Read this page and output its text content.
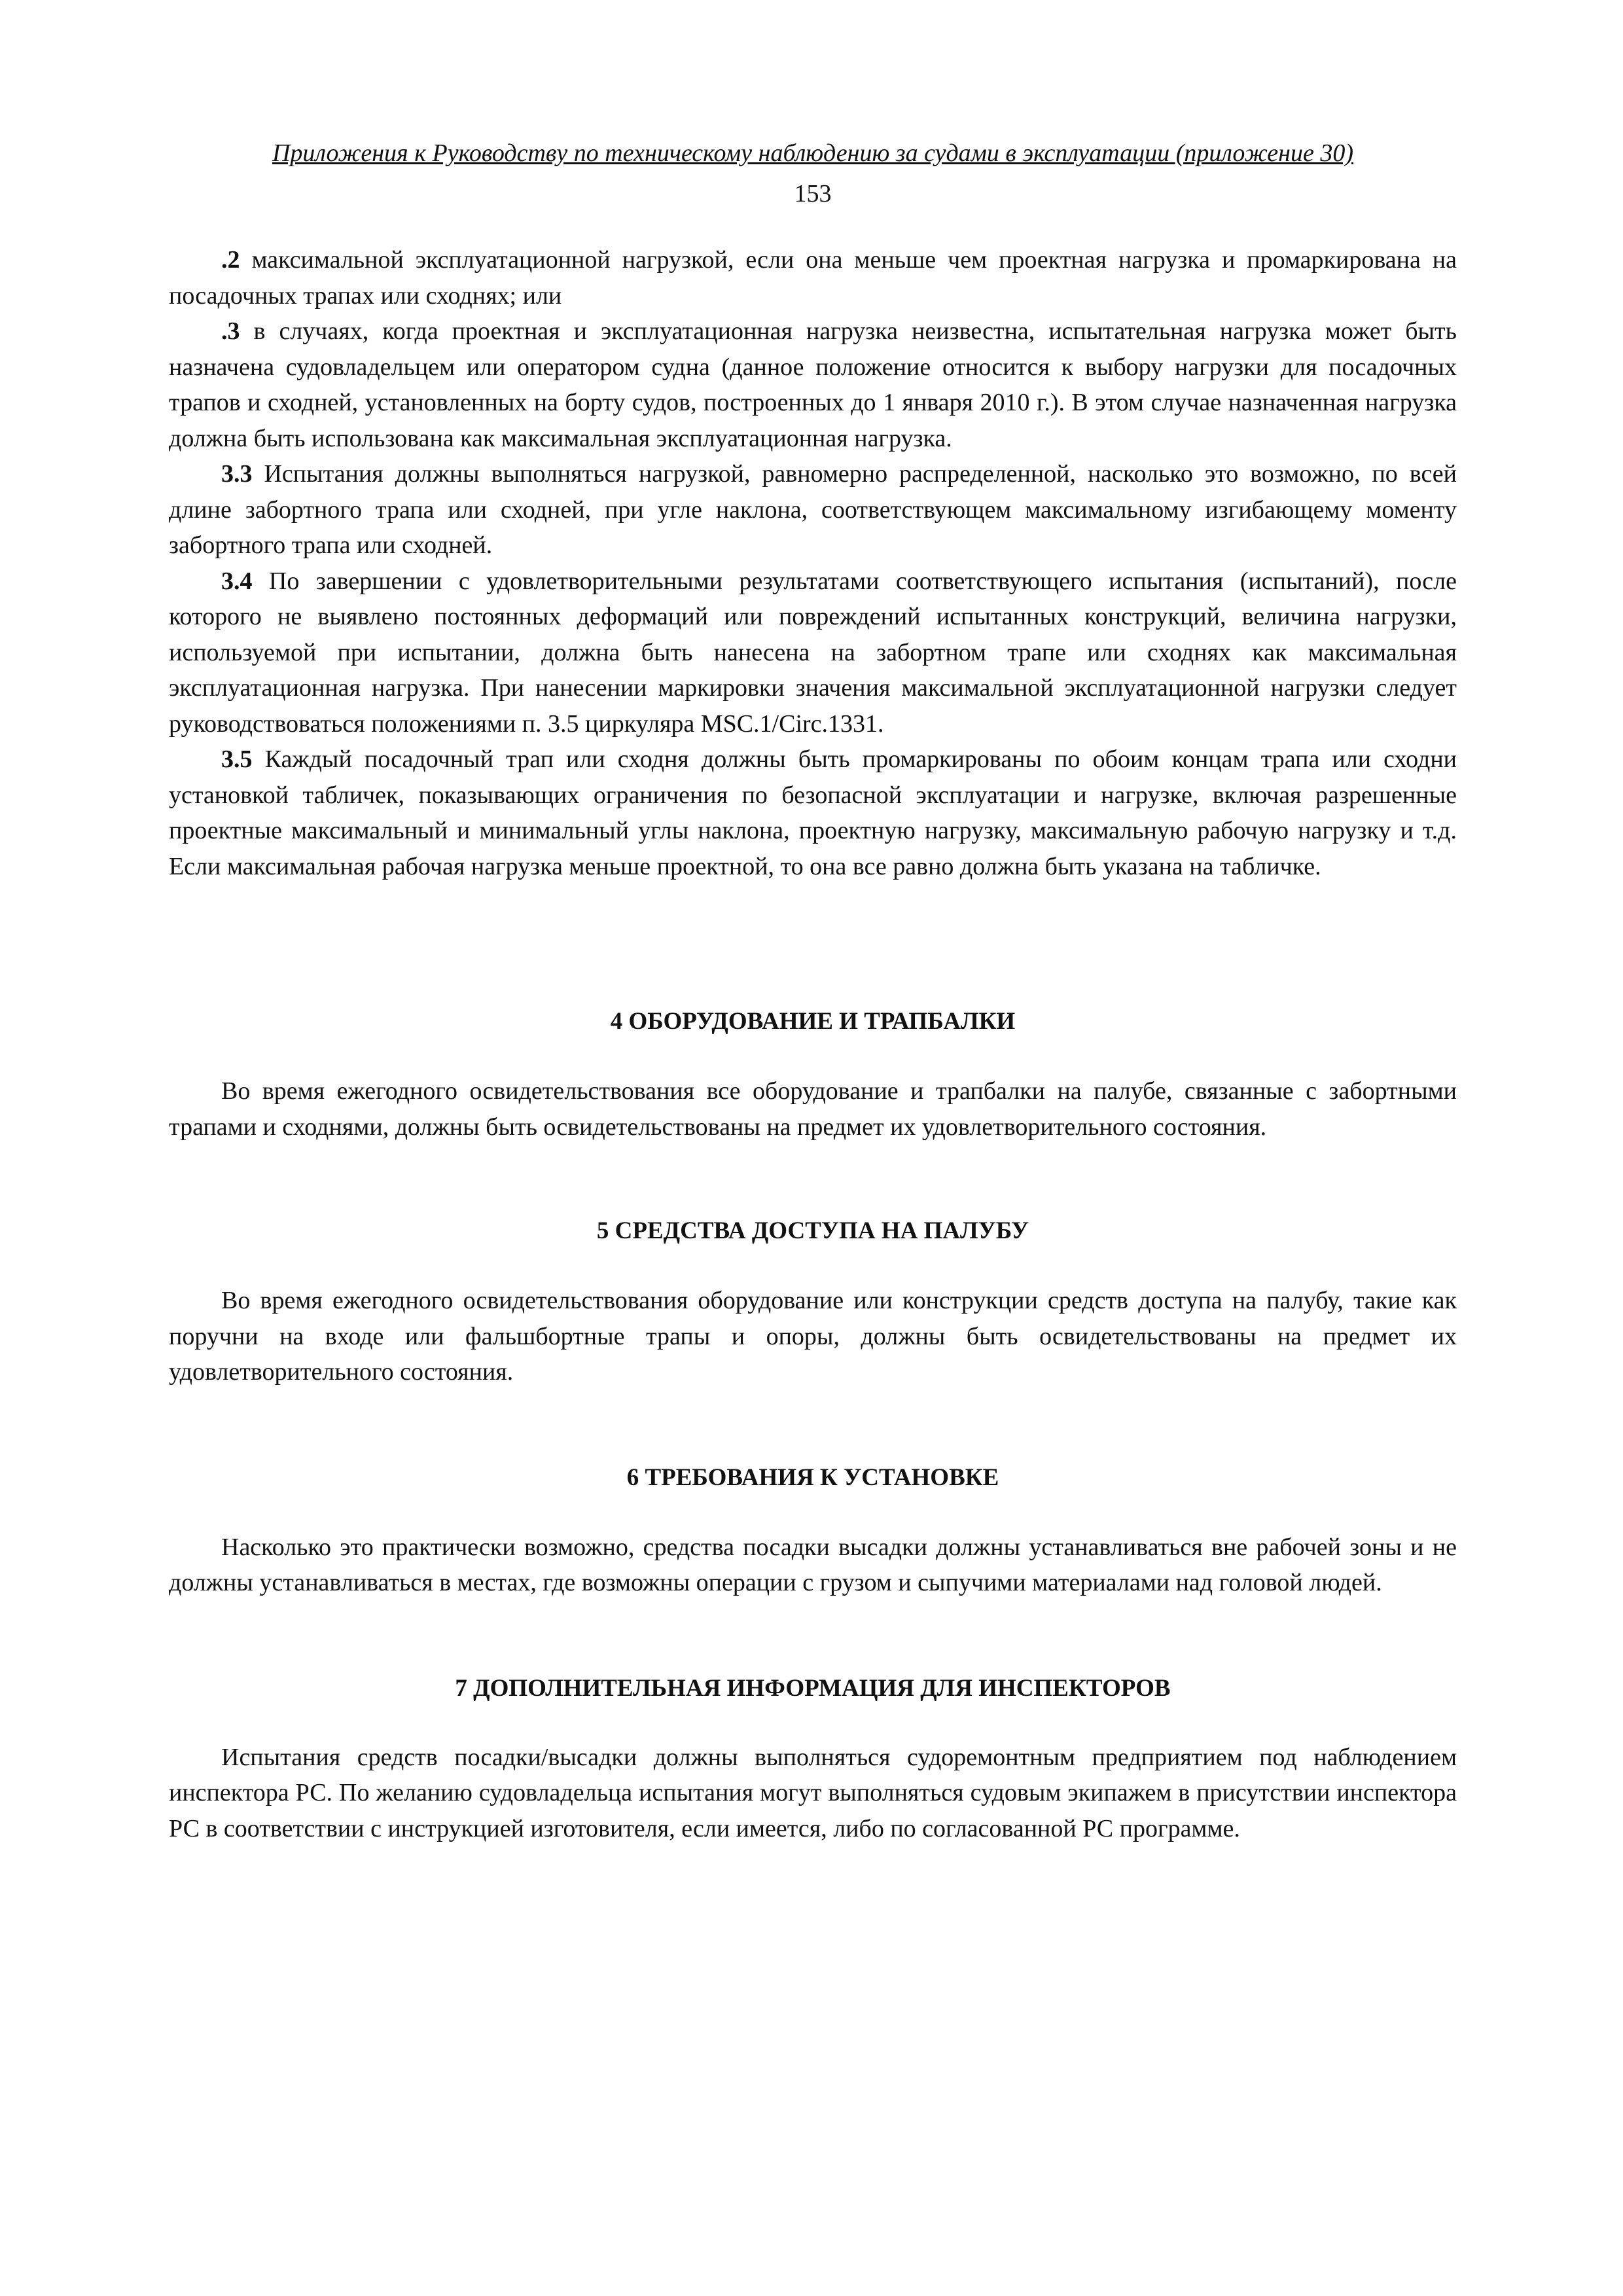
Приложения к Руководству по техническому наблюдению за судами в эксплуатации (приложение 30)
153

.2 максимальной эксплуатационной нагрузкой, если она меньше чем проектная нагрузка и промаркирована на посадочных трапах или сходнях; или

.3 в случаях, когда проектная и эксплуатационная нагрузка неизвестна, испытательная нагрузка может быть назначена судовладельцем или оператором судна (данное положение относится к выбору нагрузки для посадочных трапов и сходней, установленных на борту судов, построенных до 1 января 2010 г.). В этом случае назначенная нагрузка должна быть использована как максимальная эксплуатационная нагрузка.

3.3 Испытания должны выполняться нагрузкой, равномерно распределенной, насколько это возможно, по всей длине забортного трапа или сходней, при угле наклона, соответствующем максимальному изгибающему моменту забортного трапа или сходней.

3.4 По завершении с удовлетворительными результатами соответствующего испытания (испытаний), после которого не выявлено постоянных деформаций или повреждений испытанных конструкций, величина нагрузки, используемой при испытании, должна быть нанесена на забортном трапе или сходнях как максимальная эксплуатационная нагрузка. При нанесении маркировки значения максимальной эксплуатационной нагрузки следует руководствоваться положениями п. 3.5 циркуляра MSC.1/Circ.1331.

3.5 Каждый посадочный трап или сходня должны быть промаркированы по обоим концам трапа или сходни установкой табличек, показывающих ограничения по безопасной эксплуатации и нагрузке, включая разрешенные проектные максимальный и минимальный углы наклона, проектную нагрузку, максимальную рабочую нагрузку и т.д. Если максимальная рабочая нагрузка меньше проектной, то она все равно должна быть указана на табличке.

4 ОБОРУДОВАНИЕ И ТРАПБАЛКИ

Во время ежегодного освидетельствования все оборудование и трапбалки на палубе, связанные с забортными трапами и сходнями, должны быть освидетельствованы на предмет их удовлетворительного состояния.

5 СРЕДСТВА ДОСТУПА НА ПАЛУБУ

Во время ежегодного освидетельствования оборудование или конструкции средств доступа на палубу, такие как поручни на входе или фальшбортные трапы и опоры, должны быть освидетельствованы на предмет их удовлетворительного состояния.

6 ТРЕБОВАНИЯ К УСТАНОВКЕ

Насколько это практически возможно, средства посадки высадки должны устанавливаться вне рабочей зоны и не должны устанавливаться в местах, где возможны операции с грузом и сыпучими материалами над головой людей.

7 ДОПОЛНИТЕЛЬНАЯ ИНФОРМАЦИЯ ДЛЯ ИНСПЕКТОРОВ

Испытания средств посадки/высадки должны выполняться судоремонтным предприятием под наблюдением инспектора РС. По желанию судовладельца испытания могут выполняться судовым экипажем в присутствии инспектора РС в соответствии с инструкцией изготовителя, если имеется, либо по согласованной РС программе.
